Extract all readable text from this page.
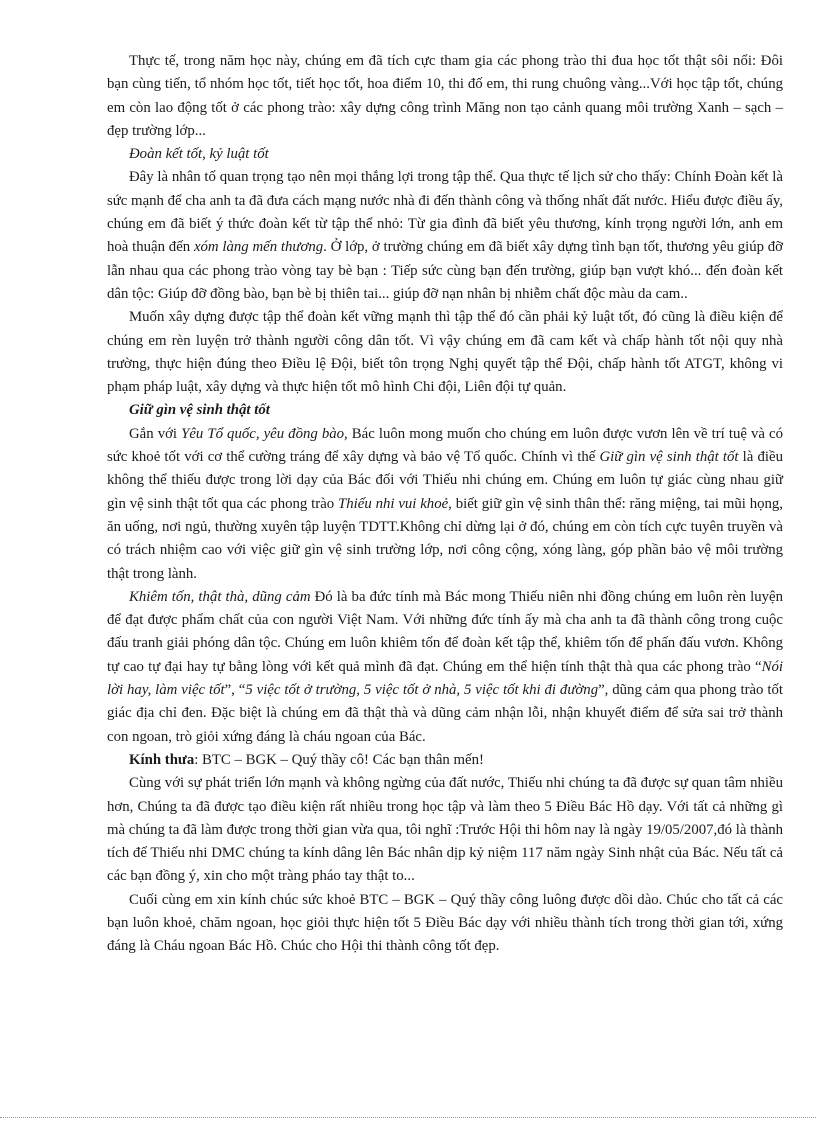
Thực tế, trong năm học này, chúng em đã tích cực tham gia các phong trào thi đua học tốt thật sôi nổi: Đôi bạn cùng tiến, tổ nhóm học tốt, tiết học tốt, hoa điểm 10, thi đố em, thi rung chuông vàng...Với học tập tốt, chúng em còn lao động tốt ở các phong trào: xây dựng công trình Măng non tạo cảnh quang môi trường Xanh – sạch – đẹp trường lớp...

Đoàn kết tốt, kỷ luật tốt

Đây là nhân tố quan trọng tạo nên mọi thắng lợi trong tập thể. Qua thực tế lịch sử cho thấy: Chính Đoàn kết là sức mạnh để cha anh ta đã đưa cách mạng nước nhà đi đến thành công và thống nhất đất nước. Hiểu được điều ấy, chúng em đã biết ý thức đoàn kết từ tập thể nhỏ: Từ gia đình đã biết yêu thương, kính trọng người lớn, anh em hoà thuận đến xóm làng mến thương. Ở lớp, ở trường chúng em đã biết xây dựng tình bạn tốt, thương yêu giúp đỡ lẫn nhau qua các phong trào vòng tay bè bạn : Tiếp sức cùng bạn đến trường, giúp bạn vượt khó... đến đoàn kết dân tộc: Giúp đỡ đồng bào, bạn bè bị thiên tai... giúp đỡ nạn nhân bị nhiễm chất độc màu da cam..

Muốn xây dựng được tập thể đoàn kết vững mạnh thì tập thể đó cần phải kỷ luật tốt, đó cũng là điều kiện để chúng em rèn luyện trở thành người công dân tốt. Vì vậy chúng em đã cam kết và chấp hành tốt nội quy nhà trường, thực hiện đúng theo Điều lệ Đội, biết tôn trọng Nghị quyết tập thể Đội, chấp hành tốt ATGT, không vi phạm pháp luật, xây dựng và thực hiện tốt mô hình Chi đội, Liên đội tự quản.

Giữ gìn vệ sinh thật tốt

Gắn với Yêu Tổ quốc, yêu đồng bào, Bác luôn mong muốn cho chúng em luôn được vươn lên về trí tuệ và có sức khoẻ tốt với cơ thể cường tráng để xây dựng và bảo vệ Tổ quốc. Chính vì thế Giữ gìn vệ sinh thật tốt là điều không thể thiếu được trong lời dạy của Bác đối với Thiếu nhi chúng em. Chúng em luôn tự giác cùng nhau giữ gìn vệ sinh thật tốt qua các phong trào Thiếu nhi vui khoẻ, biết giữ gìn vệ sinh thân thể: răng miệng, tai mũi họng, ăn uống, nơi ngủ, thường xuyên tập luyện TDTT.Không chỉ dừng lại ở đó, chúng em còn tích cực tuyên truyền và có trách nhiệm cao với việc giữ gìn vệ sinh trường lớp, nơi công cộng, xóng làng, góp phần bảo vệ môi trường thật trong lành.

Khiêm tốn, thật thà, dũng cảm Đó là ba đức tính mà Bác mong Thiếu niên nhi đồng chúng em luôn rèn luyện để đạt được phẩm chất của con người Việt Nam. Với những đức tính ấy mà cha anh ta đã thành công trong cuộc đấu tranh giải phóng dân tộc. Chúng em luôn khiêm tốn để đoàn kết tập thể, khiêm tốn để phấn đấu vươn. Không tự cao tự đại hay tự bằng lòng với kết quả mình đã đạt. Chúng em thể hiện tính thật thà qua các phong trào “Nói lời hay, làm việc tốt”, “5 việc tốt ở trường, 5 việc tốt ở nhà, 5 việc tốt khi đi đường”, dũng cảm qua phong trào tốt giác địa chỉ đen. Đặc biệt là chúng em đã thật thà và dũng cảm nhận lỗi, nhận khuyết điểm để sửa sai trở thành con ngoan, trò giỏi xứng đáng là cháu ngoan của Bác.

Kính thưa: BTC – BGK – Quý thầy cô! Các bạn thân mến!

Cùng với sự phát triển lớn mạnh và không ngừng của đất nước, Thiếu nhi chúng ta đã được sự quan tâm nhiều hơn, Chúng ta đã được tạo điều kiện rất nhiều trong học tập và làm theo 5 Điều Bác Hồ dạy. Với tất cả những gì mà chúng ta đã làm được trong thời gian vừa qua, tôi nghĩ :Trước Hội thi hôm nay là ngày 19/05/2007,đó là thành tích để Thiếu nhi DMC chúng ta kính dâng lên Bác nhân dịp kỷ niệm 117 năm ngày Sinh nhật của Bác. Nếu tất cả các bạn đồng ý, xin cho một tràng pháo tay thật to...

Cuối cùng em xin kính chúc sức khoẻ BTC – BGK – Quý thầy công luông được dồi dào. Chúc cho tất cả các bạn luôn khoẻ, chăm ngoan, học giỏi thực hiện tốt 5 Điều Bác dạy với nhiều thành tích trong thời gian tới, xứng đáng là Cháu ngoan Bác Hồ. Chúc cho Hội thi thành công tốt đẹp.
